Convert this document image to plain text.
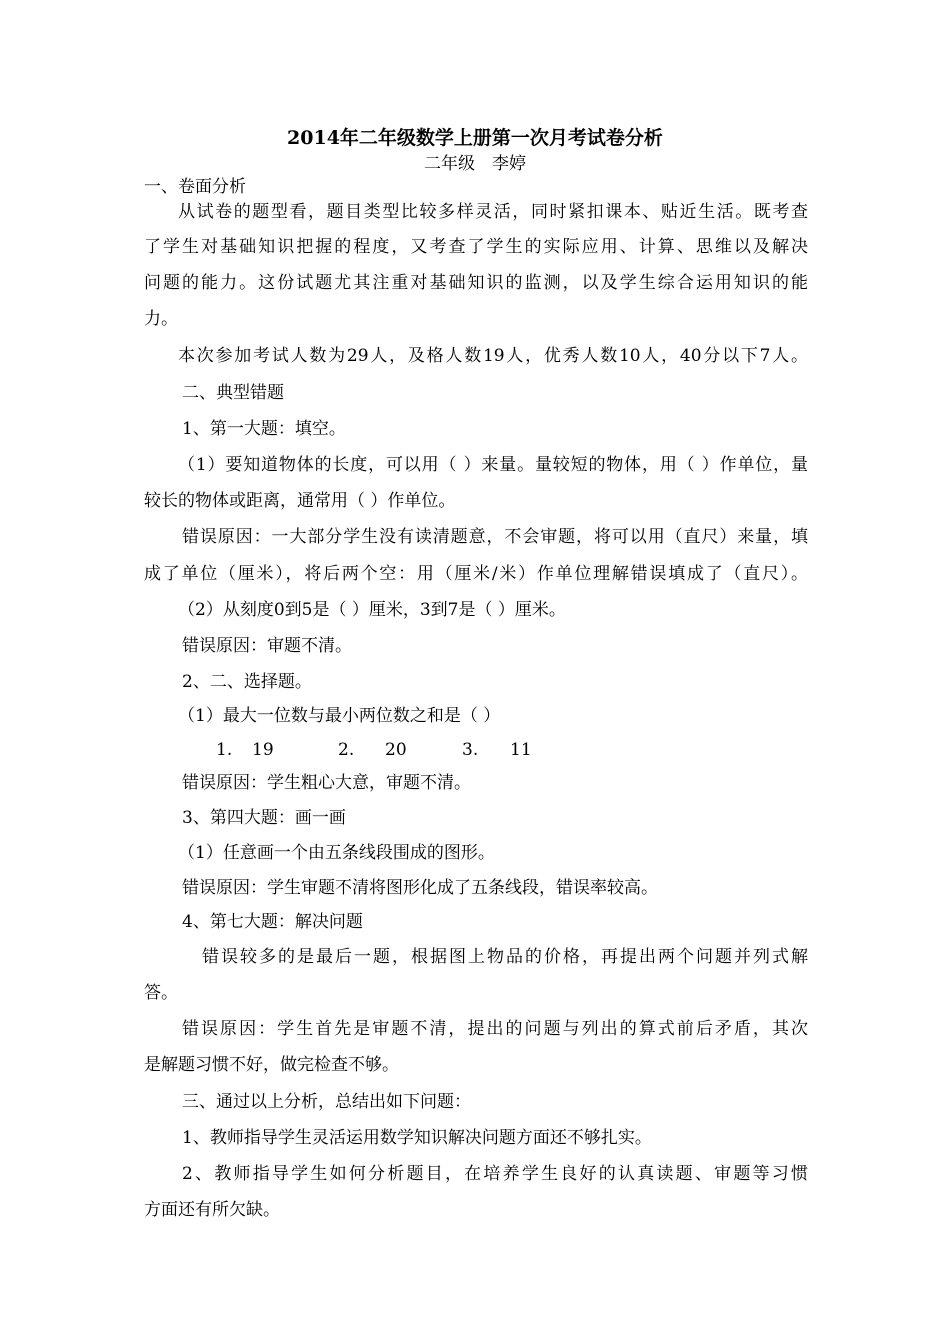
2014年二年级数学上册第一次月考试卷分析
二年级　李婷
一、卷面分析
从试卷的题型看，题目类型比较多样灵活，同时紧扣课本、贴近生活。既考查
了学生对基础知识把握的程度，又考查了学生的实际应用、计算、思维以及解决
问题的能力。这份试题尤其注重对基础知识的监测，以及学生综合运用知识的能
力。
本次参加考试人数为29人，及格人数19人，优秀人数10人，40分以下7人。
二、典型错题
1、第一大题：填空。
（1）要知道物体的长度，可以用（ ）来量。量较短的物体，用（ ）作单位，量
较长的物体或距离，通常用（ ）作单位。
错误原因：一大部分学生没有读清题意，不会审题，将可以用（直尺）来量，填
成了单位（厘米），将后两个空：用（厘米/米）作单位理解错误填成了（直尺）。
（2）从刻度0到5是（ ）厘米，3到7是（ ）厘米。
错误原因：审题不清。
2、二、选择题。
（1）最大一位数与最小两位数之和是（ ）
1. 19	2. 20	3. 11
错误原因：学生粗心大意，审题不清。
3、第四大题：画一画
（1）任意画一个由五条线段围成的图形。
错误原因：学生审题不清将图形化成了五条线段，错误率较高。
4、第七大题：解决问题
错误较多的是最后一题，根据图上物品的价格，再提出两个问题并列式解
答。
错误原因：学生首先是审题不清，提出的问题与列出的算式前后矛盾，其次
是解题习惯不好，做完检查不够。
三、通过以上分析，总结出如下问题：
1、教师指导学生灵活运用数学知识解决问题方面还不够扎实。
2、教师指导学生如何分析题目，在培养学生良好的认真读题、审题等习惯
方面还有所欠缺。
